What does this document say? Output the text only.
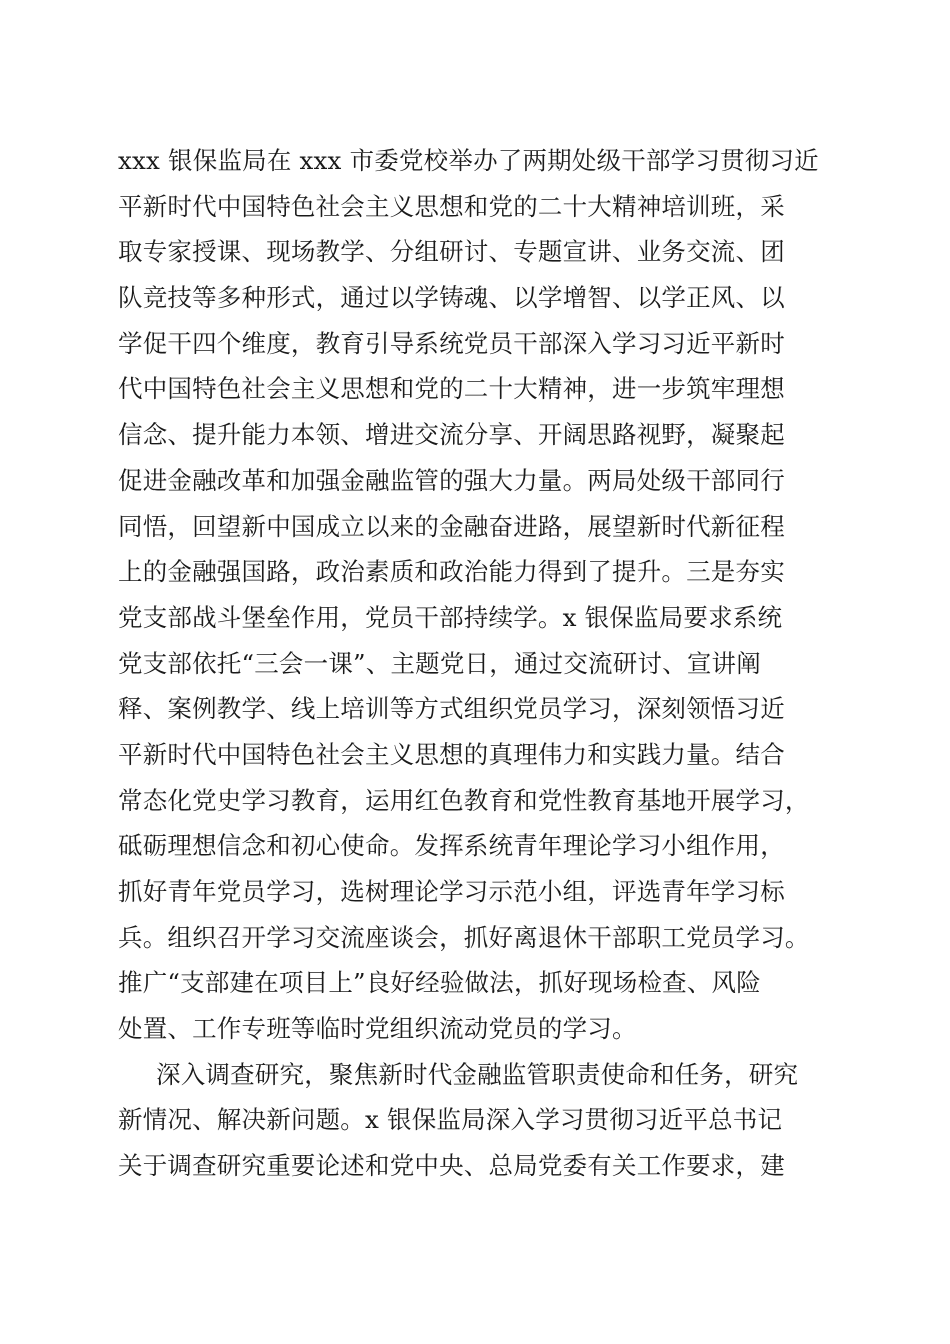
xxx 银保监局在 xxx 市委党校举办了两期处级干部学习贯彻习近
平新时代中国特色社会主义思想和党的二十大精神培训班，采
取专家授课、现场教学、分组研讨、专题宣讲、业务交流、团
队竞技等多种形式，通过以学铸魂、以学增智、以学正风、以
学促干四个维度，教育引导系统党员干部深入学习习近平新时
代中国特色社会主义思想和党的二十大精神，进一步筑牢理想
信念、提升能力本领、增进交流分享、开阔思路视野，凝聚起
促进金融改革和加强金融监管的强大力量。两局处级干部同行
同悟，回望新中国成立以来的金融奋进路，展望新时代新征程
上的金融强国路，政治素质和政治能力得到了提升。三是夯实
党支部战斗堡垒作用，党员干部持续学。x 银保监局要求系统
党支部依托“三会一课”、主题党日，通过交流研讨、宣讲阐
释、案例教学、线上培训等方式组织党员学习，深刻领悟习近
平新时代中国特色社会主义思想的真理伟力和实践力量。结合
常态化党史学习教育，运用红色教育和党性教育基地开展学习，
砥砺理想信念和初心使命。发挥系统青年理论学习小组作用，
抓好青年党员学习，选树理论学习示范小组，评选青年学习标
兵。组织召开学习交流座谈会，抓好离退休干部职工党员学习。
推广“支部建在项目上”良好经验做法，抓好现场检查、风险
处置、工作专班等临时党组织流动党员的学习。
深入调查研究，聚焦新时代金融监管职责使命和任务，研究
新情况、解决新问题。x 银保监局深入学习贯彻习近平总书记
关于调查研究重要论述和党中央、总局党委有关工作要求，建
